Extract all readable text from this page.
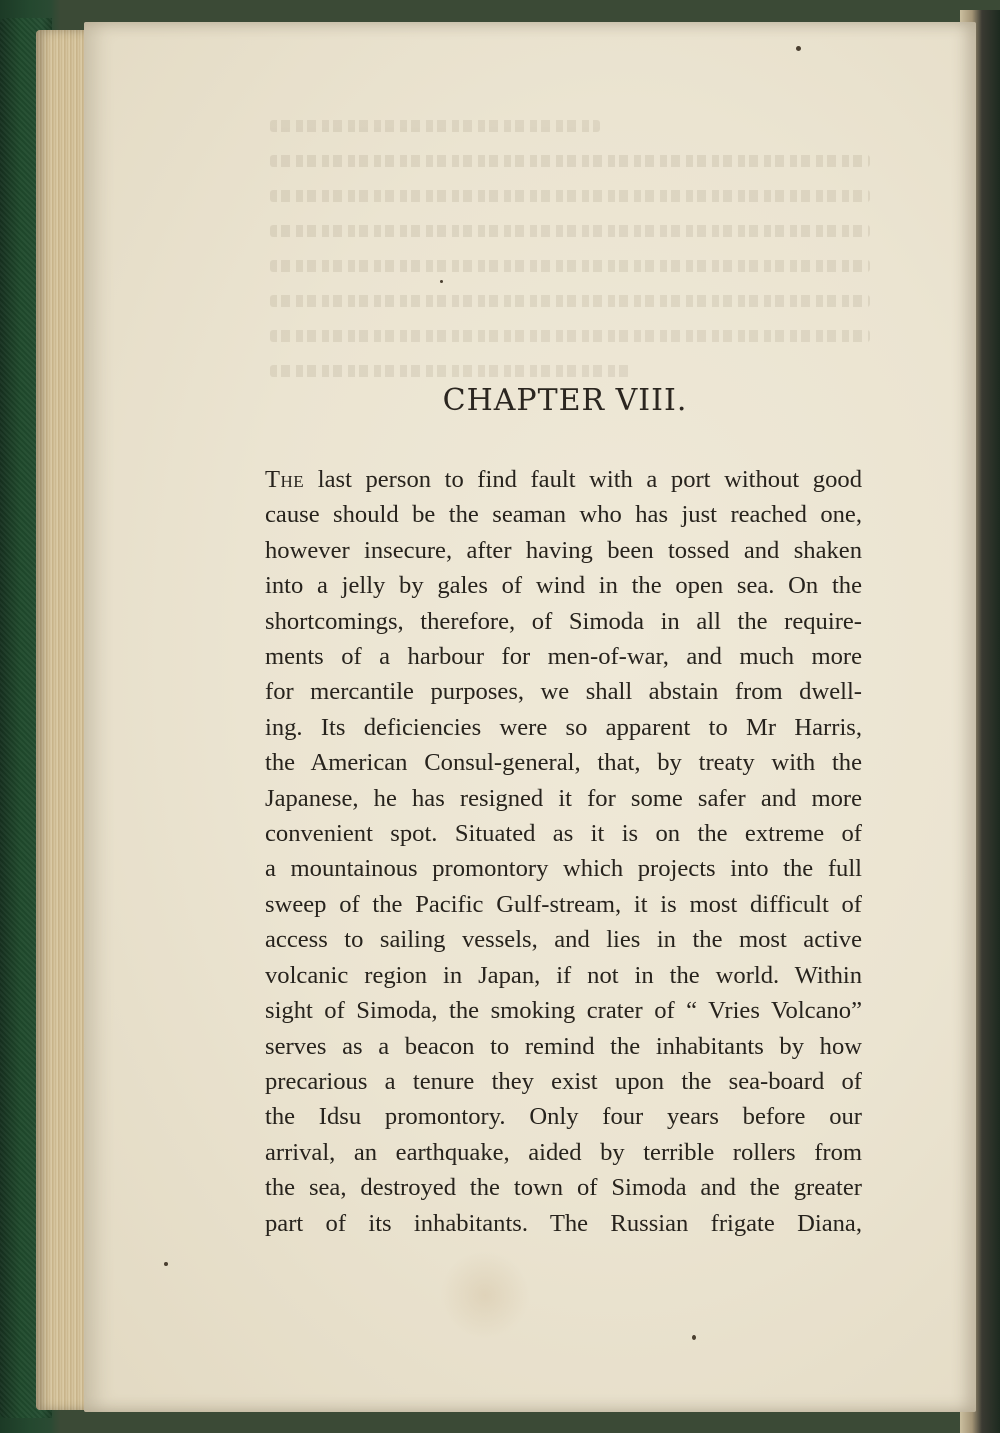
CHAPTER VIII.
The last person to find fault with a port without good
cause should be the seaman who has just reached one,
however insecure, after having been tossed and shaken
into a jelly by gales of wind in the open sea. On the
shortcomings, therefore, of Simoda in all the require-
ments of a harbour for men-of-war, and much more
for mercantile purposes, we shall abstain from dwell-
ing. Its deficiencies were so apparent to Mr Harris,
the American Consul-general, that, by treaty with the
Japanese, he has resigned it for some safer and more
convenient spot. Situated as it is on the extreme of
a mountainous promontory which projects into the full
sweep of the Pacific Gulf-stream, it is most difficult of
access to sailing vessels, and lies in the most active
volcanic region in Japan, if not in the world. Within
sight of Simoda, the smoking crater of “ Vries Volcano”
serves as a beacon to remind the inhabitants by how
precarious a tenure they exist upon the sea-board of
the Idsu promontory. Only four years before our
arrival, an earthquake, aided by terrible rollers from
the sea, destroyed the town of Simoda and the greater
part of its inhabitants. The Russian frigate Diana,
